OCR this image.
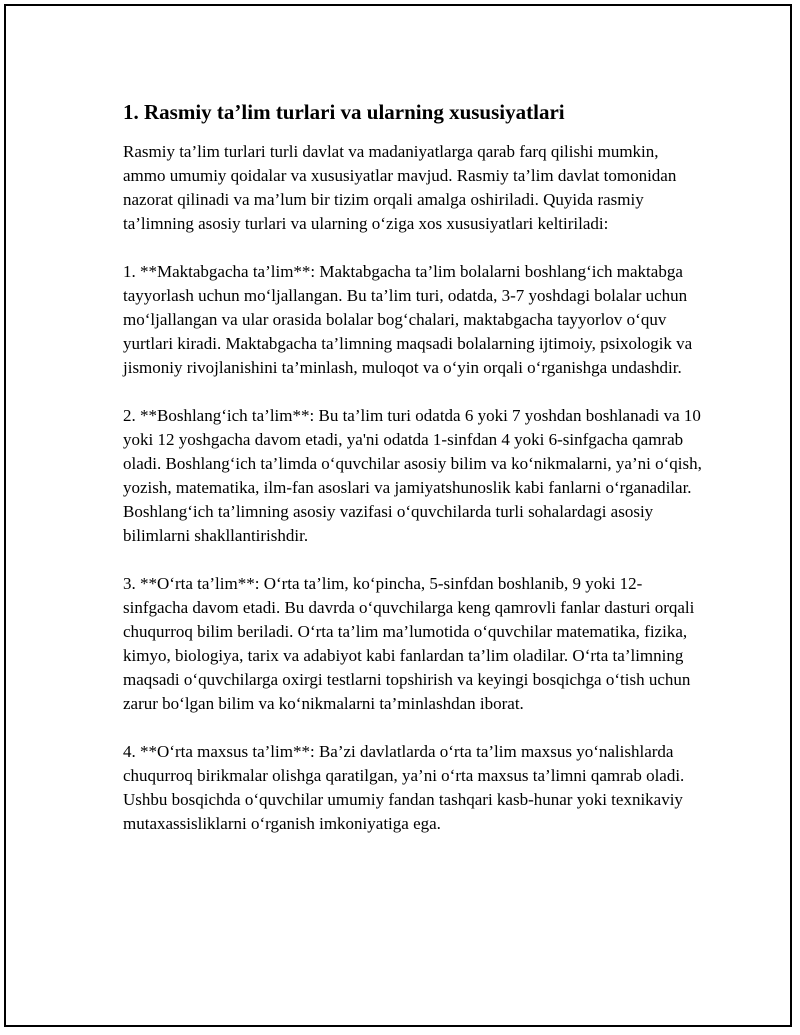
1. Rasmiy ta’lim turlari va ularning xususiyatlari

Rasmiy ta’lim turlari turli davlat va madaniyatlarga qarab farq qilishi mumkin, ammo umumiy qoidalar va xususiyatlar mavjud. Rasmiy ta’lim davlat tomonidan nazorat qilinadi va ma’lum bir tizim orqali amalga oshiriladi. Quyida rasmiy ta’limning asosiy turlari va ularning oʻziga xos xususiyatlari keltiriladi:

1. **Maktabgacha ta’lim**: Maktabgacha ta’lim bolalarni boshlangʻich maktabga tayyorlash uchun moʻljallangan. Bu ta’lim turi, odatda, 3-7 yoshdagi bolalar uchun moʻljallangan va ular orasida bolalar bogʻchalari, maktabgacha tayyorlov oʻquv yurtlari kiradi. Maktabgacha ta’limning maqsadi bolalarning ijtimoiy, psixologik va jismoniy rivojlanishini ta’minlash, muloqot va oʻyin orqali oʻrganishga undashdir.

2. **Boshlangʻich ta’lim**: Bu ta’lim turi odatda 6 yoki 7 yoshdan boshlanadi va 10 yoki 12 yoshgacha davom etadi, ya'ni odatda 1-sinfdan 4 yoki 6-sinfgacha qamrab oladi. Boshlangʻich ta’limda oʻquvchilar asosiy bilim va koʻnikmalarni, ya’ni oʻqish, yozish, matematika, ilm-fan asoslari va jamiyatshunoslik kabi fanlarni oʻrganadilar. Boshlangʻich ta’limning asosiy vazifasi oʻquvchilarda turli sohalardagi asosiy bilimlarni shakllantirishdir.

3. **Oʻrta ta’lim**: Oʻrta ta’lim, koʻpincha, 5-sinfdan boshlanib, 9 yoki 12-sinfgacha davom etadi. Bu davrda oʻquvchilarga keng qamrovli fanlar dasturi orqali chuqurroq bilim beriladi. Oʻrta ta’lim ma’lumotida oʻquvchilar matematika, fizika, kimyo, biologiya, tarix va adabiyot kabi fanlardan ta’lim oladilar. Oʻrta ta’limning maqsadi oʻquvchilarga oxirgi testlarni topshirish va keyingi bosqichga oʻtish uchun zarur boʻlgan bilim va koʻnikmalarni ta’minlashdan iborat.

4. **Oʻrta maxsus ta’lim**: Ba’zi davlatlarda oʻrta ta’lim maxsus yoʻnalishlarda chuqurroq birikmalar olishga qaratilgan, ya’ni oʻrta maxsus ta’limni qamrab oladi. Ushbu bosqichda oʻquvchilar umumiy fandan tashqari kasb-hunar yoki texnikaviy mutaxassisliklarni oʻrganish imkoniyatiga ega.
